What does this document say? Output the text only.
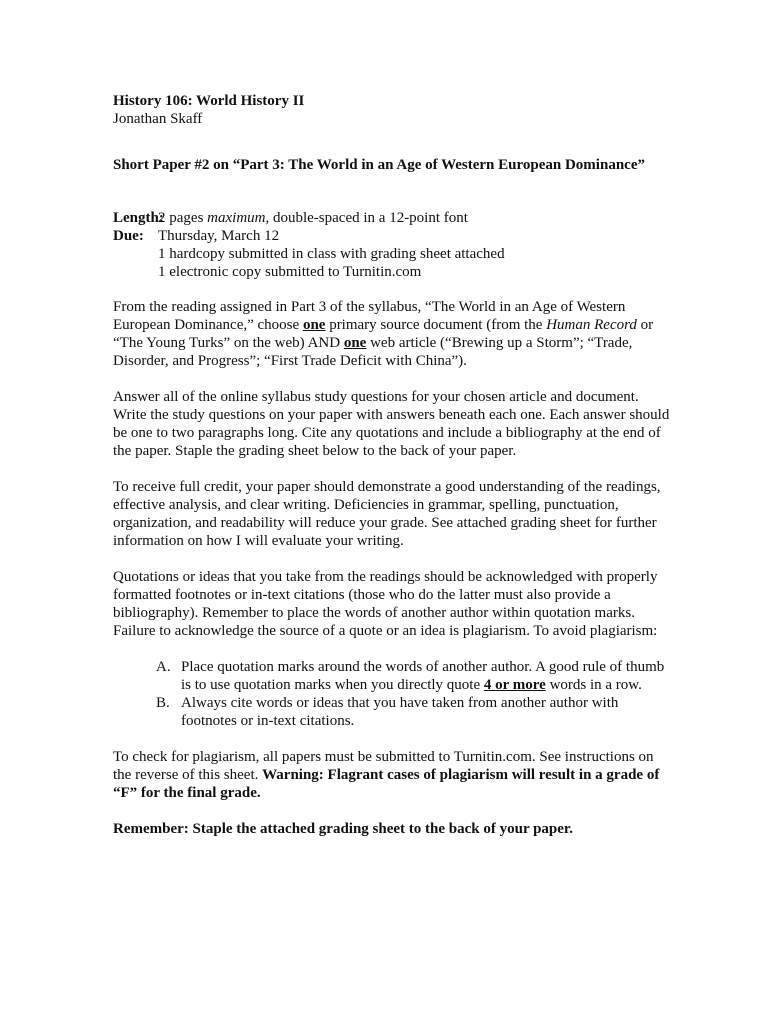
History 106: World History II

Jonathan Skaff

Short Paper #2 on “Part 3: The World in an Age of Western European Dominance”

Length:
2 pages maximum, double-spaced in a 12-point font
Due: Thursday, March 12
1 hardcopy submitted in class with grading sheet attached
1 electronic copy submitted to Turnitin.com

From the reading assigned in Part 3 of the syllabus, “The World in an Age of Western European Dominance,” choose one primary source document (from the Human Record or “The Young Turks” on the web) AND one web article (“Brewing up a Storm”; “Trade, Disorder, and Progress”; “First Trade Deficit with China”).

Answer all of the online syllabus study questions for your chosen article and document. Write the study questions on your paper with answers beneath each one. Each answer should be one to two paragraphs long. Cite any quotations and include a bibliography at the end of the paper. Staple the grading sheet below to the back of your paper.

To receive full credit, your paper should demonstrate a good understanding of the readings, effective analysis, and clear writing. Deficiencies in grammar, spelling, punctuation, organization, and readability will reduce your grade. See attached grading sheet for further information on how I will evaluate your writing.

Quotations or ideas that you take from the readings should be acknowledged with properly formatted footnotes or in-text citations (those who do the latter must also provide a bibliography). Remember to place the words of another author within quotation marks. Failure to acknowledge the source of a quote or an idea is plagiarism. To avoid plagiarism:

A. Place quotation marks around the words of another author. A good rule of thumb is to use quotation marks when you directly quote 4 or more words in a row.
B. Always cite words or ideas that you have taken from another author with footnotes or in-text citations.

To check for plagiarism, all papers must be submitted to Turnitin.com. See instructions on the reverse of this sheet. Warning: Flagrant cases of plagiarism will result in a grade of “F” for the final grade.

Remember: Staple the attached grading sheet to the back of your paper.
